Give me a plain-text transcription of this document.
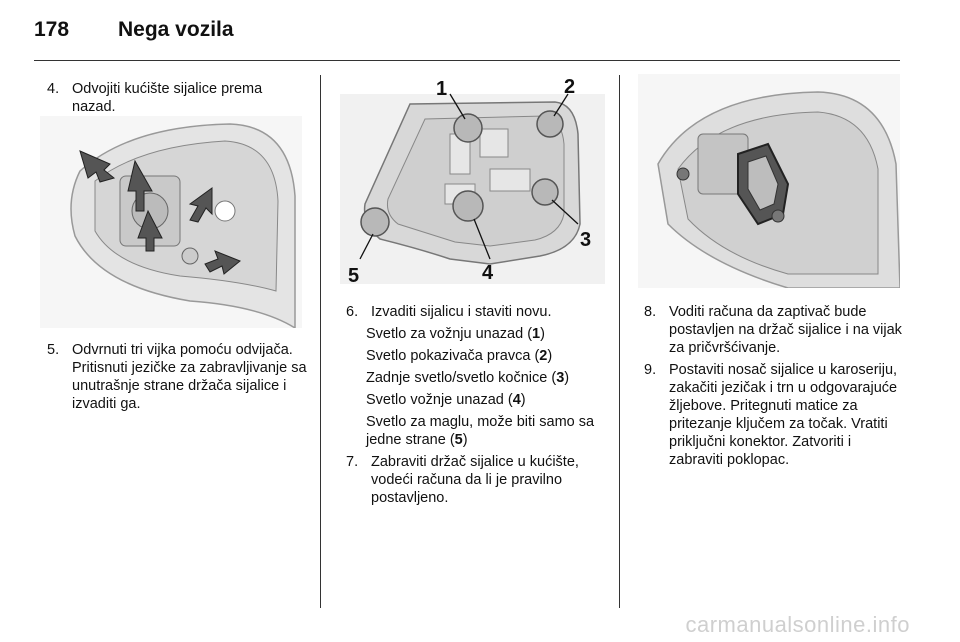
178 Nega vozila
4. Odvojiti kućište sijalice prema nazad.
5. Odvrnuti tri vijka pomoću odvijača. Pritisnuti jezičke za zabravljivanje sa unutrašnje strane držača sijalice i izvaditi ga.
1	2
3
4
5
6. Izvaditi sijalicu i staviti novu.
Svetlo za vožnju unazad (1)
Svetlo pokazivača pravca (2)
Zadnje svetlo/svetlo kočnice (3)
Svetlo vožnje unazad (4)
Svetlo za maglu, može biti samo sa jedne strane (5)
7. Zabraviti držač sijalice u kućište, vodeći računa da li je pravilno postavljeno.
8. Voditi računa da zaptivač bude postavljen na držač sijalice i na vijak za pričvršćivanje.
9. Postaviti nosač sijalice u karoseriju, zakačiti jezičak i trn u odgovarajuće žljebove. Pritegnuti matice za pritezanje ključem za točak. Vratiti priključni konektor. Zatvoriti i zabraviti poklopac.
carmanualsonline.info
